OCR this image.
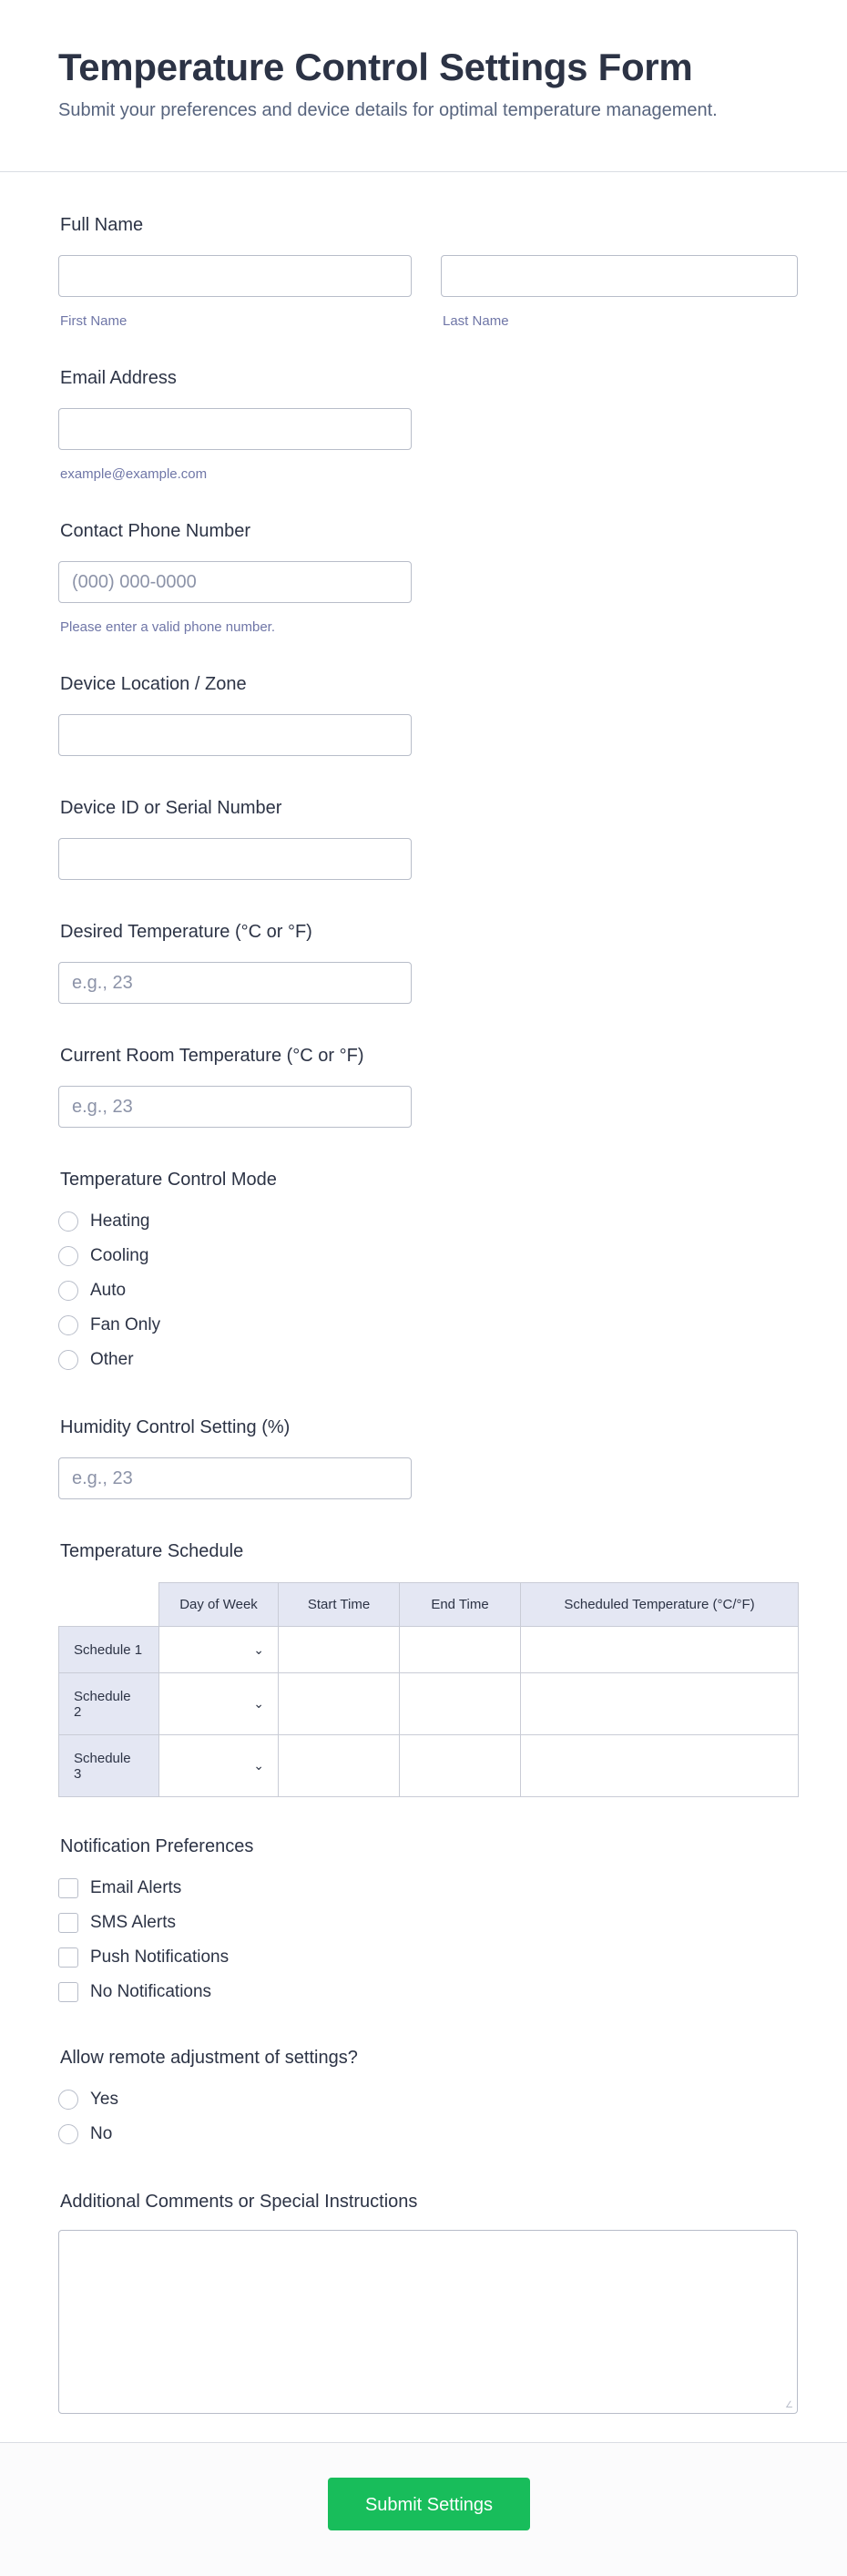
Temperature Control Settings Form
Submit your preferences and device details for optimal temperature management.
Full Name
First Name	Last Name
Email Address
example@example.com
Contact Phone Number
(000) 000-0000
Please enter a valid phone number.
Device Location / Zone
Device ID or Serial Number
Desired Temperature (°C or °F)
e.g., 23
Current Room Temperature (°C or °F)
e.g., 23
Temperature Control Mode
Heating
Cooling
Auto
Fan Only
Other
Humidity Control Setting (%)
e.g., 23
Temperature Schedule
	Day of Week	Start Time	End Time	Scheduled Temperature (°C/°F)
Schedule 1	⌄			

Schedule 2	⌄			

Schedule 3	⌄			

Notification Preferences
Email Alerts
SMS Alerts
Push Notifications
No Notifications
Allow remote adjustment of settings?
Yes
No
Additional Comments or Special Instructions
∠
Submit Settings
